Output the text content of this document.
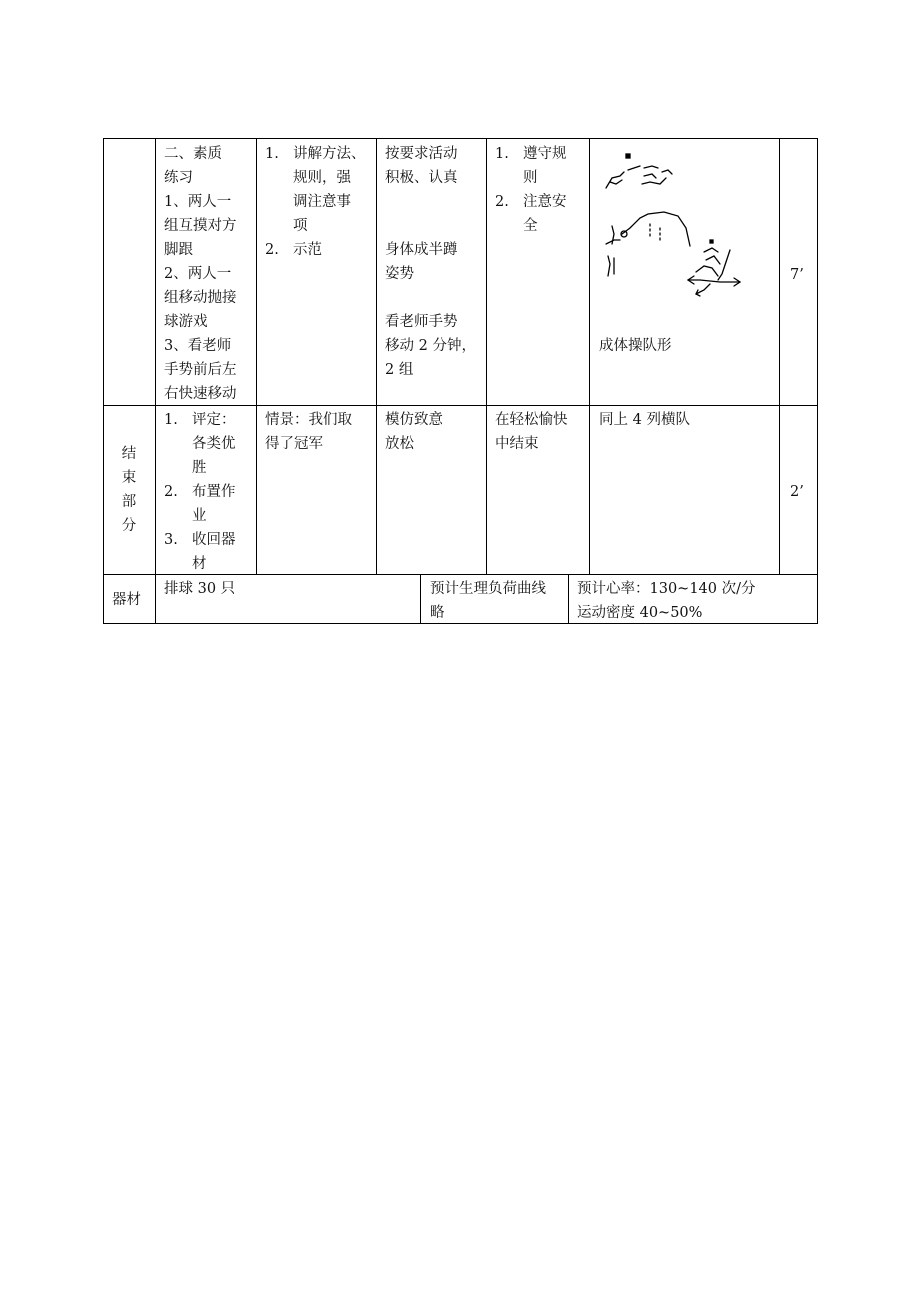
二、素质
练习
1、两人一
组互摸对方
脚跟
2、两人一
组移动抛接
球游戏
3、看老师
手势前后左
右快速移动
1. 讲解方法、
规则，强
调注意事
项
2. 示范
按要求活动
积极、认真
身体成半蹲
姿势
看老师手势
移动 2 分钟，
2 组
1. 遵守规
则
2. 注意安
全
成体操队形
7’
结
束
部
分
1. 评定：
各类优
胜
2. 布置作
业
3. 收回器
材
情景：我们取
得了冠军
模仿致意
放松
在轻松愉快
中结束
同上 4 列横队
2’
器材
排球 30 只	预计生理负荷曲线
略
预计心率：130~140 次/分
运动密度 40~50%
